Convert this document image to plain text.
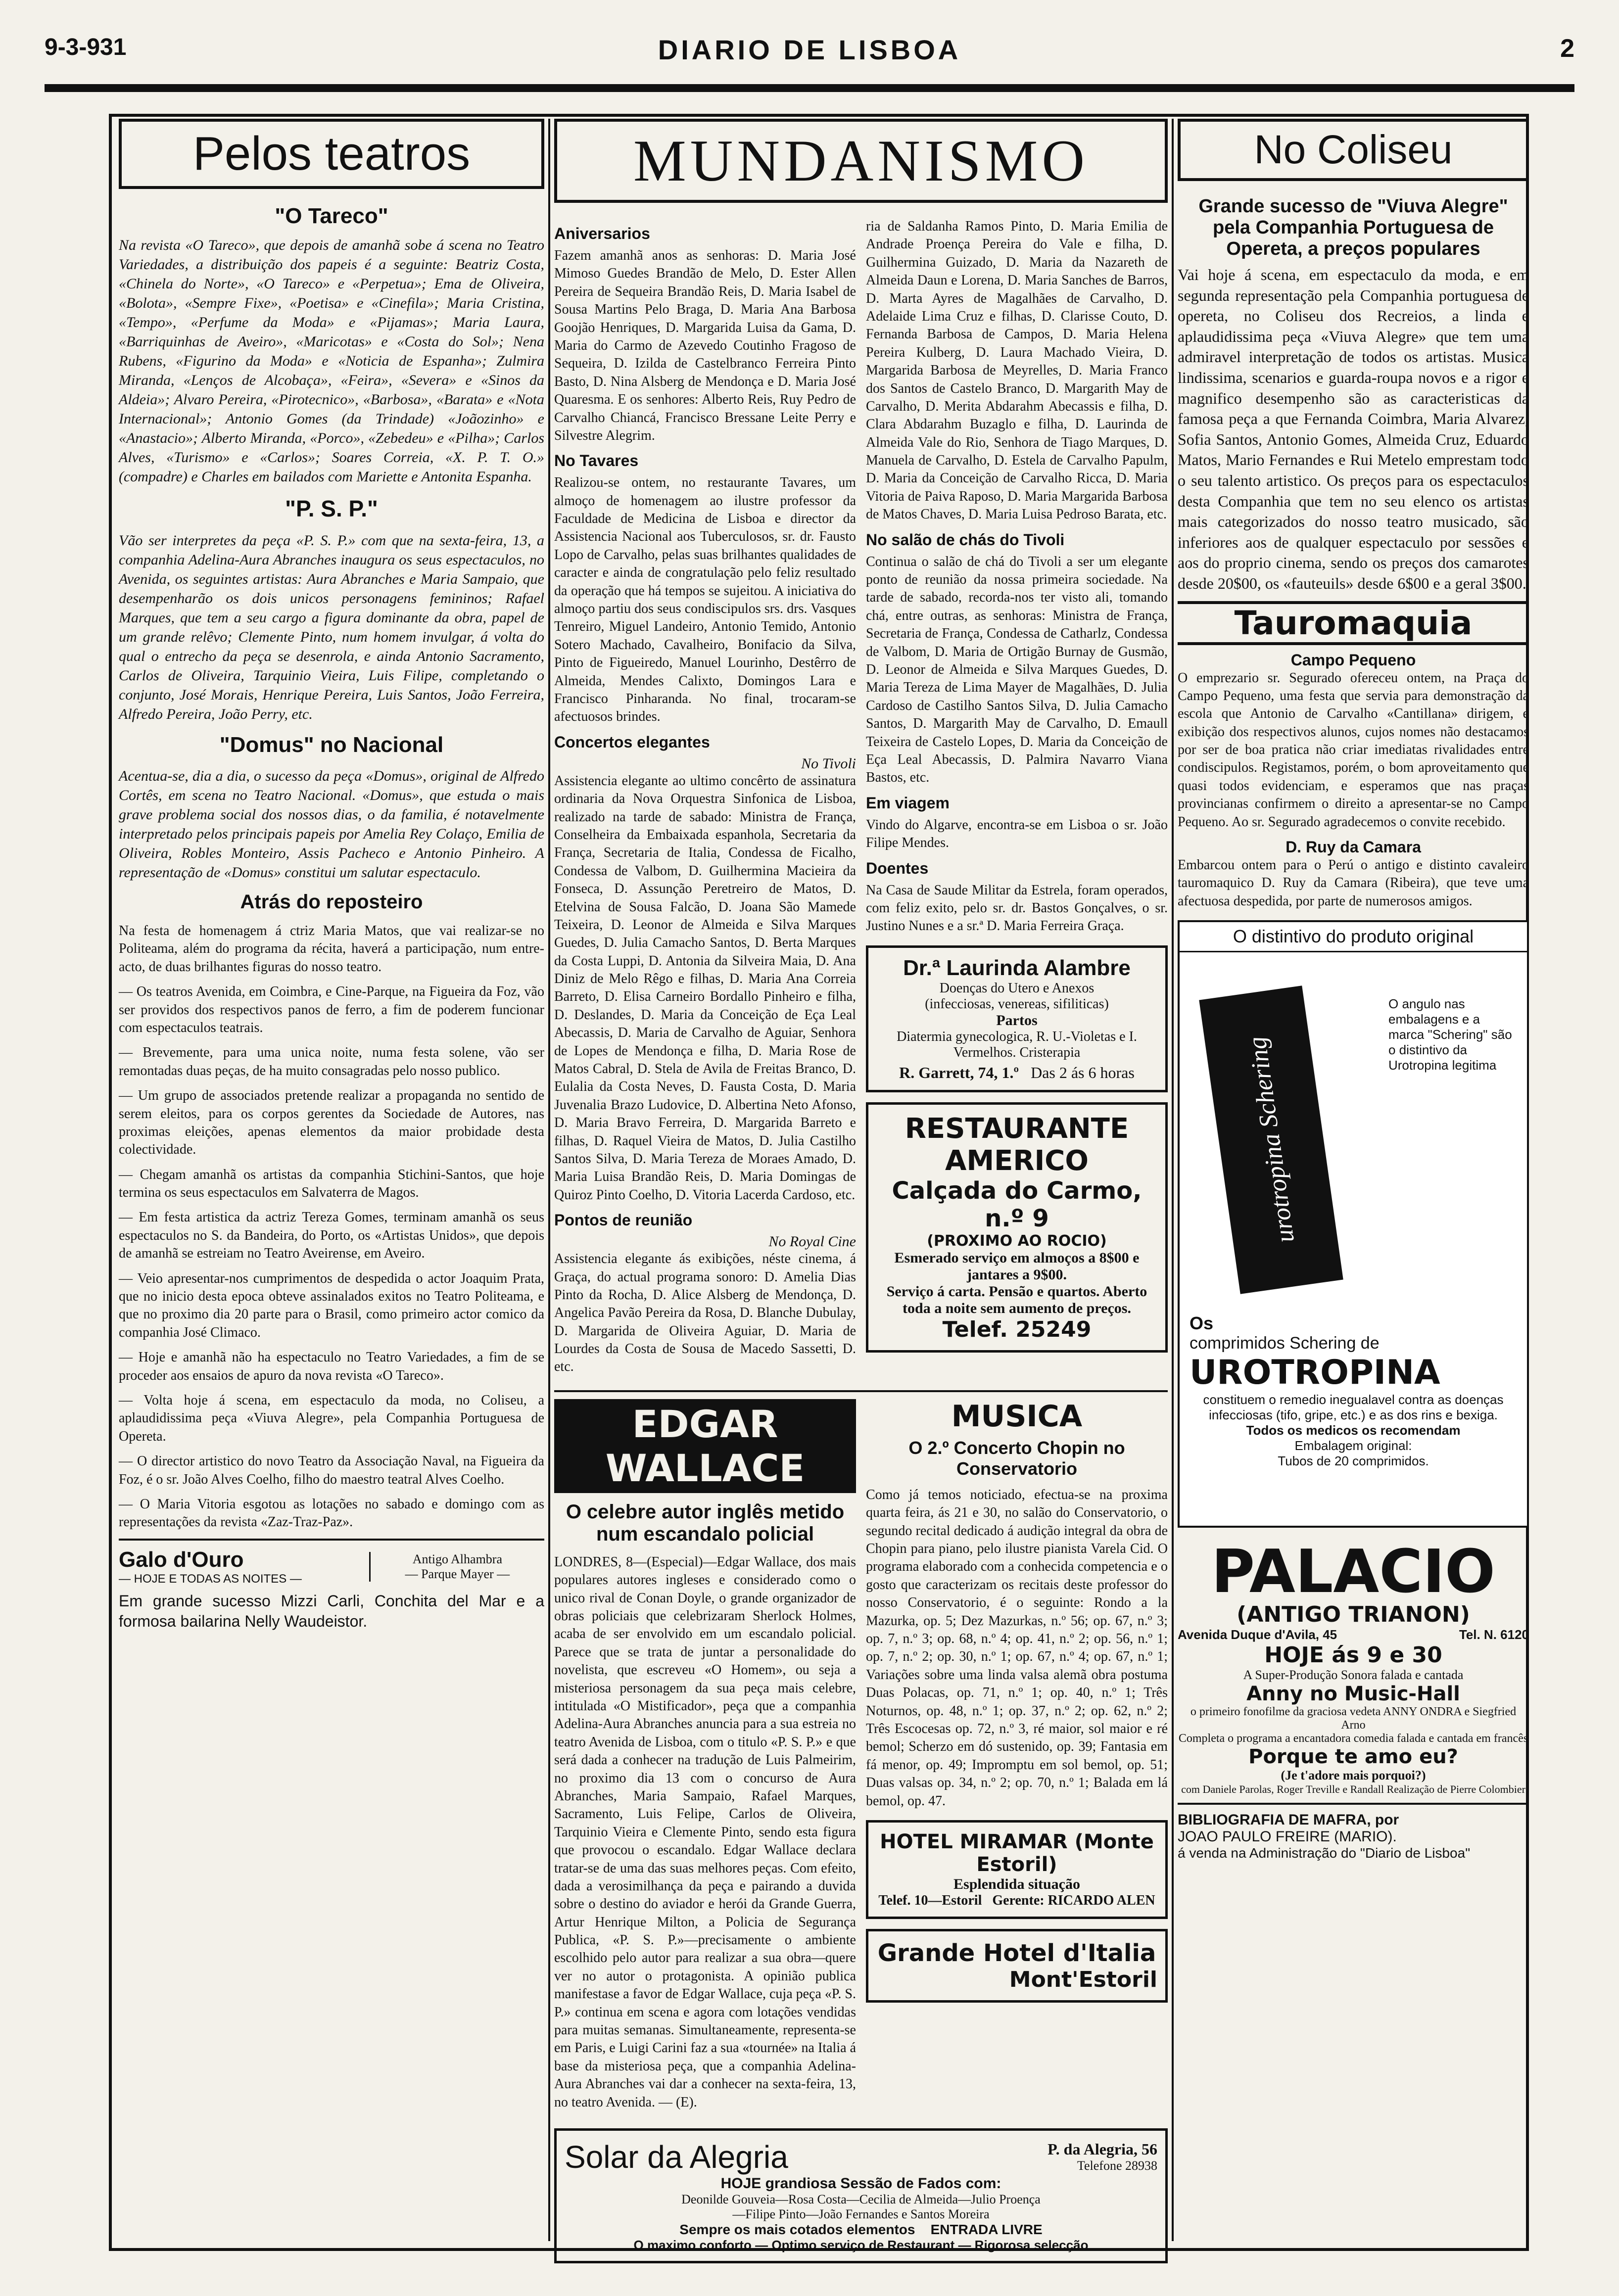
9-3-931	DIARIO DE LISBOA	2
Pelos teatros
"O Tareco"

Na revista «O Tareco», que depois de amanhã sobe á scena no Teatro Variedades, a distribuição dos papeis é a seguinte: Beatriz Costa, «Chinela do Norte», «O Tareco» e «Perpetua»; Ema de Oliveira, «Bolota», «Sempre Fixe», «Poetisa» e «Cinefila»; Maria Cristina, «Tempo», «Perfume da Moda» e «Pijamas»; Maria Laura, «Barriquinhas de Aveiro», «Maricotas» e «Costa do Sol»; Nena Rubens, «Figurino da Moda» e «Noticia de Espanha»; Zulmira Miranda, «Lenços de Alcobaça», «Feira», «Severa» e «Sinos da Aldeia»; Alvaro Pereira, «Pirotecnico», «Barbosa», «Barata» e «Nota Internacional»; Antonio Gomes (da Trindade) «Joãozinho» e «Anastacio»; Alberto Miranda, «Porco», «Zebedeu» e «Pilha»; Carlos Alves, «Turismo» e «Carlos»; Soares Correia, «X. P. T. O.» (compadre) e Charles em bailados com Mariette e Antonita Espanha.

"P. S. P."

Vão ser interpretes da peça «P. S. P.» com que na sexta-feira, 13, a companhia Adelina-Aura Abranches inaugura os seus espectaculos, no Avenida, os seguintes artistas: Aura Abranches e Maria Sampaio, que desempenharão os dois unicos personagens femininos; Rafael Marques, que tem a seu cargo a figura dominante da obra, papel de um grande relêvo; Clemente Pinto, num homem invulgar, á volta do qual o entrecho da peça se desenrola, e ainda Antonio Sacramento, Carlos de Oliveira, Tarquinio Vieira, Luis Filipe, completando o conjunto, José Morais, Henrique Pereira, Luis Santos, João Ferreira, Alfredo Pereira, João Perry, etc.

"Domus" no Nacional

Acentua-se, dia a dia, o sucesso da peça «Domus», original de Alfredo Cortês, em scena no Teatro Nacional. «Domus», que estuda o mais grave problema social dos nossos dias, o da familia, é notavelmente interpretado pelos principais papeis por Amelia Rey Colaço, Emilia de Oliveira, Robles Monteiro, Assis Pacheco e Antonio Pinheiro. A representação de «Domus» constitui um salutar espectaculo.

Atrás do reposteiro

Na festa de homenagem á ctriz Maria Matos, que vai realizar-se no Politeama, além do programa da récita, haverá a participação, num entre-acto, de duas brilhantes figuras do nosso teatro.

— Os teatros Avenida, em Coimbra, e Cine-Parque, na Figueira da Foz, vão ser providos dos respectivos panos de ferro, a fim de poderem funcionar com espectaculos teatrais.

— Brevemente, para uma unica noite, numa festa solene, vão ser remontadas duas peças, de ha muito consagradas pelo nosso publico.

— Um grupo de associados pretende realizar a propaganda no sentido de serem eleitos, para os corpos gerentes da Sociedade de Autores, nas proximas eleições, apenas elementos da maior probidade desta colectividade.

— Chegam amanhã os artistas da companhia Stichini-Santos, que hoje termina os seus espectaculos em Salvaterra de Magos.

— Em festa artistica da actriz Tereza Gomes, terminam amanhã os seus espectaculos no S. da Bandeira, do Porto, os «Artistas Unidos», que depois de amanhã se estreiam no Teatro Aveirense, em Aveiro.

— Veio apresentar-nos cumprimentos de despedida o actor Joaquim Prata, que no inicio desta epoca obteve assinalados exitos no Teatro Politeama, e que no proximo dia 20 parte para o Brasil, como primeiro actor comico da companhia José Climaco.

— Hoje e amanhã não ha espectaculo no Teatro Variedades, a fim de se proceder aos ensaios de apuro da nova revista «O Tareco».

— Volta hoje á scena, em espectaculo da moda, no Coliseu, a aplaudidissima peça «Viuva Alegre», pela Companhia Portuguesa de Opereta.

— O director artistico do novo Teatro da Associação Naval, na Figueira da Foz, é o sr. João Alves Coelho, filho do maestro teatral Alves Coelho.

— O Maria Vitoria esgotou as lotações no sabado e domingo com as representações da revista «Zaz-Traz-Paz».

Galo d'Ouro
— HOJE E TODAS AS NOITES —
Antigo Alhambra
— Parque Mayer —

Em grande sucesso Mizzi Carli, Conchita del Mar e a formosa bailarina Nelly Waudeistor.

MUNDANISMO
Aniversarios

Fazem amanhã anos as senhoras: D. Maria José Mimoso Guedes Brandão de Melo, D. Ester Allen Pereira de Sequeira Brandão Reis, D. Maria Isabel de Sousa Martins Pelo Braga, D. Maria Ana Barbosa Goojão Henriques, D. Margarida Luisa da Gama, D. Maria do Carmo de Azevedo Coutinho Fragoso de Sequeira, D. Izilda de Castelbranco Ferreira Pinto Basto, D. Nina Alsberg de Mendonça e D. Maria José Quaresma. E os senhores: Alberto Reis, Ruy Pedro de Carvalho Chiancá, Francisco Bressane Leite Perry e Silvestre Alegrim.

No Tavares

Realizou-se ontem, no restaurante Tavares, um almoço de homenagem ao ilustre professor da Faculdade de Medicina de Lisboa e director da Assistencia Nacional aos Tuberculosos, sr. dr. Fausto Lopo de Carvalho, pelas suas brilhantes qualidades de caracter e ainda de congratulação pelo feliz resultado da operação que há tempos se sujeitou. A iniciativa do almoço partiu dos seus condiscipulos srs. drs. Vasques Tenreiro, Miguel Landeiro, Antonio Temido, Antonio Sotero Machado, Cavalheiro, Bonifacio da Silva, Pinto de Figueiredo, Manuel Lourinho, Destêrro de Almeida, Mendes Calixto, Domingos Lara e Francisco Pinharanda. No final, trocaram-se afectuosos brindes.

Concertos elegantes
No Tivoli

Assistencia elegante ao ultimo concêrto de assinatura ordinaria da Nova Orquestra Sinfonica de Lisboa, realizado na tarde de sabado: Ministra de França, Conselheira da Embaixada espanhola, Secretaria da França, Secretaria de Italia, Condessa de Ficalho, Condessa de Valbom, D. Guilhermina Macieira da Fonseca, D. Assunção Peretreiro de Matos, D. Etelvina de Sousa Falcão, D. Joana São Mamede Teixeira, D. Leonor de Almeida e Silva Marques Guedes, D. Julia Camacho Santos, D. Berta Marques da Costa Luppi, D. Antonia da Silveira Maia, D. Ana Diniz de Melo Rêgo e filhas, D. Maria Ana Correia Barreto, D. Elisa Carneiro Bordallo Pinheiro e filha, D. Deslandes, D. Maria da Conceição de Eça Leal Abecassis, D. Maria de Carvalho de Aguiar, Senhora de Lopes de Mendonça e filha, D. Maria Rose de Matos Cabral, D. Stela de Avila de Freitas Branco, D. Eulalia da Costa Neves, D. Fausta Costa, D. Maria Juvenalia Brazo Ludovice, D. Albertina Neto Afonso, D. Maria Bravo Ferreira, D. Margarida Barreto e filhas, D. Raquel Vieira de Matos, D. Julia Castilho Santos Silva, D. Maria Tereza de Moraes Amado, D. Maria Luisa Brandão Reis, D. Maria Domingas de Quiroz Pinto Coelho, D. Vitoria Lacerda Cardoso, etc.

Pontos de reunião
No Royal Cine

Assistencia elegante ás exibições, néste cinema, á Graça, do actual programa sonoro: D. Amelia Dias Pinto da Rocha, D. Alice Alsberg de Mendonça, D. Angelica Pavão Pereira da Rosa, D. Blanche Dubulay, D. Margarida de Oliveira Aguiar, D. Maria de Lourdes da Costa de Sousa de Macedo Sassetti, D. etc.

ria de Saldanha Ramos Pinto, D. Maria Emilia de Andrade Proença Pereira do Vale e filha, D. Guilhermina Guizado, D. Maria da Nazareth de Almeida Daun e Lorena, D. Maria Sanches de Barros, D. Marta Ayres de Magalhães de Carvalho, D. Adelaide Lima Cruz e filhas, D. Clarisse Couto, D. Fernanda Barbosa de Campos, D. Maria Helena Pereira Kulberg, D. Laura Machado Vieira, D. Margarida Barbosa de Meyrelles, D. Maria Franco dos Santos de Castelo Branco, D. Margarith May de Carvalho, D. Merita Abdarahm Abecassis e filha, D. Clara Abdarahm Buzaglo e filha, D. Laurinda de Almeida Vale do Rio, Senhora de Tiago Marques, D. Manuela de Carvalho, D. Estela de Carvalho Papulm, D. Maria da Conceição de Carvalho Ricca, D. Maria Vitoria de Paiva Raposo, D. Maria Margarida Barbosa de Matos Chaves, D. Maria Luisa Pedroso Barata, etc.

No salão de chás do Tivoli

Continua o salão de chá do Tivoli a ser um elegante ponto de reunião da nossa primeira sociedade. Na tarde de sabado, recorda-nos ter visto ali, tomando chá, entre outras, as senhoras: Ministra de França, Secretaria de França, Condessa de Catharlz, Condessa de Valbom, D. Maria de Ortigão Burnay de Gusmão, D. Leonor de Almeida e Silva Marques Guedes, D. Maria Tereza de Lima Mayer de Magalhães, D. Julia Cardoso de Castilho Santos Silva, D. Julia Camacho Santos, D. Margarith May de Carvalho, D. Emaull Teixeira de Castelo Lopes, D. Maria da Conceição de Eça Leal Abecassis, D. Palmira Navarro Viana Bastos, etc.

Em viagem

Vindo do Algarve, encontra-se em Lisboa o sr. João Filipe Mendes.

Doentes

Na Casa de Saude Militar da Estrela, foram operados, com feliz exito, pelo sr. dr. Bastos Gonçalves, o sr. Justino Nunes e a sr.ª D. Maria Ferreira Graça.

Dr.ª Laurinda Alambre
Doenças do Utero e Anexos
(infecciosas, venereas, sifiliticas)
Partos
Diatermia gynecologica, R. U.-Violetas e I. Vermelhos. Cristerapia
R. Garrett, 74, 1.º Das 2 ás 6 horas
RESTAURANTE AMERICO
Calçada do Carmo, n.º 9
(PROXIMO AO ROCIO)
Esmerado serviço em almoços a 8$00 e jantares a 9$00.
Serviço á carta. Pensão e quartos. Aberto toda a noite sem aumento de preços.
Telef. 25249
EDGAR WALLACE
O celebre autor inglês metido num escandalo policial

LONDRES, 8—(Especial)—Edgar Wallace, dos mais populares autores ingleses e considerado como o unico rival de Conan Doyle, o grande organizador de obras policiais que celebrizaram Sherlock Holmes, acaba de ser envolvido em um escandalo policial. Parece que se trata de juntar a personalidade do novelista, que escreveu «O Homem», ou seja a misteriosa personagem da sua peça mais celebre, intitulada «O Mistificador», peça que a companhia Adelina-Aura Abranches anuncia para a sua estreia no teatro Avenida de Lisboa, com o titulo «P. S. P.» e que será dada a conhecer na tradução de Luis Palmeirim, no proximo dia 13 com o concurso de Aura Abranches, Maria Sampaio, Rafael Marques, Sacramento, Luis Felipe, Carlos de Oliveira, Tarquinio Vieira e Clemente Pinto, sendo esta figura que provocou o escandalo. Edgar Wallace declara tratar-se de uma das suas melhores peças. Com efeito, dada a verosimilhança da peça e pairando a duvida sobre o destino do aviador e herói da Grande Guerra, Artur Henrique Milton, a Policia de Segurança Publica, «P. S. P.»—precisamente o ambiente escolhido pelo autor para realizar a sua obra—quere ver no autor o protagonista. A opinião publica manifestase a favor de Edgar Wallace, cuja peça «P. S. P.» continua em scena e agora com lotações vendidas para muitas semanas. Simultaneamente, representa-se em Paris, e Luigi Carini faz a sua «tournée» na Italia á base da misteriosa peça, que a companhia Adelina-Aura Abranches vai dar a conhecer na sexta-feira, 13, no teatro Avenida. — (E).

MUSICA
O 2.º Concerto Chopin no Conservatorio

Como já temos noticiado, efectua-se na proxima quarta feira, ás 21 e 30, no salão do Conservatorio, o segundo recital dedicado á audição integral da obra de Chopin para piano, pelo ilustre pianista Varela Cid. O programa elaborado com a conhecida competencia e o gosto que caracterizam os recitais deste professor do nosso Conservatorio, é o seguinte: Rondo a la Mazurka, op. 5; Dez Mazurkas, n.º 56; op. 67, n.º 3; op. 7, n.º 3; op. 68, n.º 4; op. 41, n.º 2; op. 56, n.º 1; op. 7, n.º 2; op. 30, n.º 1; op. 67, n.º 4; op. 67, n.º 1; Variações sobre uma linda valsa alemã obra postuma Duas Polacas, op. 71, n.º 1; op. 40, n.º 1; Três Noturnos, op. 48, n.º 1; op. 37, n.º 2; op. 62, n.º 2; Três Escocesas op. 72, n.º 3, ré maior, sol maior e ré bemol; Scherzo em dó sustenido, op. 39; Fantasia em fá menor, op. 49; Impromptu em sol bemol, op. 51; Duas valsas op. 34, n.º 2; op. 70, n.º 1; Balada em lá bemol, op. 47.

HOTEL MIRAMAR (Monte Estoril)
Esplendida situação
Telef. 10—Estoril Gerente: RICARDO ALEN
Grande Hotel d'Italia
Mont'Estoril
Solar da Alegria	P. da Alegria, 56
Telefone 28938
HOJE grandiosa Sessão de Fados com:
Deonilde Gouveia—Rosa Costa—Cecilia de Almeida—Julio Proença
—Filipe Pinto—João Fernandes e Santos Moreira
Sempre os mais cotados elementos ENTRADA LIVRE
O maximo conforto — Optimo serviço de Restaurant — Rigorosa selecção
No Coliseu
Grande sucesso de "Viuva Alegre" pela Companhia Portuguesa de Opereta, a preços populares

Vai hoje á scena, em espectaculo da moda, e em segunda representação pela Companhia portuguesa de opereta, no Coliseu dos Recreios, a linda e aplaudidissima peça «Viuva Alegre» que tem uma admiravel interpretação de todos os artistas. Musica lindissima, scenarios e guarda-roupa novos e a rigor e magnifico desempenho são as caracteristicas da famosa peça a que Fernanda Coimbra, Maria Alvarez, Sofia Santos, Antonio Gomes, Almeida Cruz, Eduardo Matos, Mario Fernandes e Rui Metelo emprestam todo o seu talento artistico. Os preços para os espectaculos desta Companhia que tem no seu elenco os artistas mais categorizados do nosso teatro musicado, são inferiores aos de qualquer espectaculo por sessões e aos do proprio cinema, sendo os preços dos camarotes desde 20$00, os «fauteuils» desde 6$00 e a geral 3$00.

Tauromaquia
Campo Pequeno

O emprezario sr. Segurado ofereceu ontem, na Praça do Campo Pequeno, uma festa que servia para demonstração da escola que Antonio de Carvalho «Cantillana» dirigem, e exibição dos respectivos alunos, cujos nomes não destacamos por ser de boa pratica não criar imediatas rivalidades entre condiscipulos. Registamos, porém, o bom aproveitamento que quasi todos evidenciam, e esperamos que nas praças provincianas confirmem o direito a apresentar-se no Campo Pequeno. Ao sr. Segurado agradecemos o convite recebido.

D. Ruy da Camara

Embarcou ontem para o Perú o antigo e distinto cavaleiro tauromaquico D. Ruy da Camara (Ribeira), que teve uma afectuosa despedida, por parte de numerosos amigos.

O distintivo do produto original
urotropina Schering
O angulo nas embalagens e a marca "Schering" são o distintivo da Urotropina legitima
Os
comprimidos Schering de
UROTROPINA
constituem o remedio inegualavel contra as doenças infecciosas (tifo, gripe, etc.) e as dos rins e bexiga.
Todos os medicos os recomendam
Embalagem original:
Tubos de 20 comprimidos.
PALACIO
(ANTIGO TRIANON)
Avenida Duque d'Avila, 45	Tel. N. 6120
HOJE ás 9 e 30
A Super-Produção Sonora falada e cantada
Anny no Music-Hall
o primeiro fonofilme da graciosa vedeta ANNY ONDRA e Siegfried Arno
Completa o programa a encantadora comedia falada e cantada em francês
Porque te amo eu?
(Je t'adore mais porquoi?)
com Daniele Parolas, Roger Treville e Randall Realização de Pierre Colombier
BIBLIOGRAFIA DE MAFRA, por
JOAO PAULO FREIRE (MARIO).
á venda na Administração do "Diario de Lisboa"
